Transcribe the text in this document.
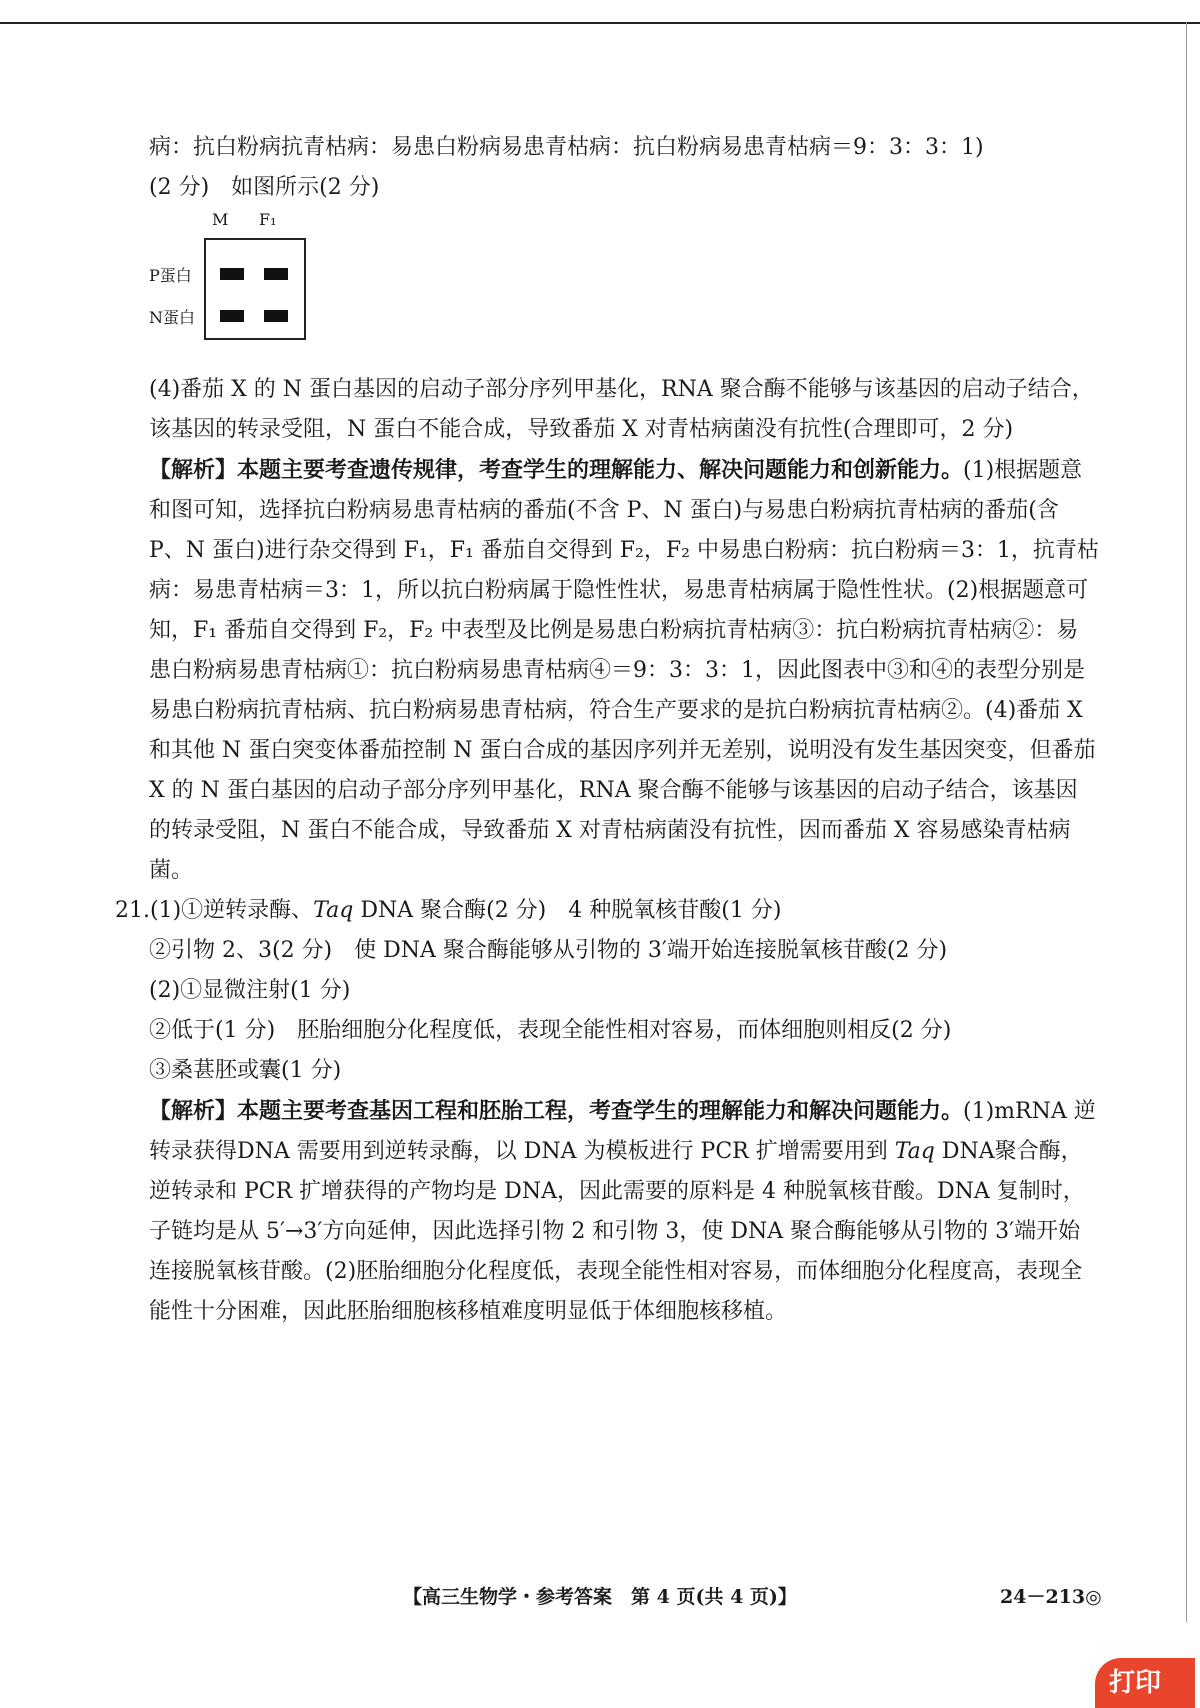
病：抗白粉病抗青枯病：易患白粉病易患青枯病：抗白粉病易患青枯病＝9：3：3：1)

(2 分)　如图所示(2 分)

M F₁
P蛋白
N蛋白

(4)番茄 X 的 N 蛋白基因的启动子部分序列甲基化，RNA 聚合酶不能够与该基因的启动子结合，该基因的转录受阻，N 蛋白不能合成，导致番茄 X 对青枯病菌没有抗性(合理即可，2 分)

【解析】本题主要考查遗传规律，考查学生的理解能力、解决问题能力和创新能力。(1)根据题意和图可知，选择抗白粉病易患青枯病的番茄(不含 P、N 蛋白)与易患白粉病抗青枯病的番茄(含 P、N 蛋白)进行杂交得到 F₁，F₁ 番茄自交得到 F₂，F₂ 中易患白粉病：抗白粉病＝3：1，抗青枯病：易患青枯病＝3：1，所以抗白粉病属于隐性性状，易患青枯病属于隐性性状。(2)根据题意可知，F₁ 番茄自交得到 F₂，F₂ 中表型及比例是易患白粉病抗青枯病③：抗白粉病抗青枯病②：易患白粉病易患青枯病①：抗白粉病易患青枯病④＝9：3：3：1，因此图表中③和④的表型分别是易患白粉病抗青枯病、抗白粉病易患青枯病，符合生产要求的是抗白粉病抗青枯病②。(4)番茄 X 和其他 N 蛋白突变体番茄控制 N 蛋白合成的基因序列并无差别，说明没有发生基因突变，但番茄 X 的 N 蛋白基因的启动子部分序列甲基化，RNA 聚合酶不能够与该基因的启动子结合，该基因的转录受阻，N 蛋白不能合成，导致番茄 X 对青枯病菌没有抗性，因而番茄 X 容易感染青枯病菌。

21.(1)①逆转录酶、Taq DNA 聚合酶(2 分)　4 种脱氧核苷酸(1 分)

②引物 2、3(2 分)　使 DNA 聚合酶能够从引物的 3′端开始连接脱氧核苷酸(2 分)

(2)①显微注射(1 分)

②低于(1 分)　胚胎细胞分化程度低，表现全能性相对容易，而体细胞则相反(2 分)

③桑葚胚或囊(1 分)

【解析】本题主要考查基因工程和胚胎工程，考查学生的理解能力和解决问题能力。(1)mRNA 逆转录获得DNA 需要用到逆转录酶，以 DNA 为模板进行 PCR 扩增需要用到 Taq DNA聚合酶，逆转录和 PCR 扩增获得的产物均是 DNA，因此需要的原料是 4 种脱氧核苷酸。DNA 复制时，子链均是从 5′→3′方向延伸，因此选择引物 2 和引物 3，使 DNA 聚合酶能够从引物的 3′端开始连接脱氧核苷酸。(2)胚胎细胞分化程度低，表现全能性相对容易，而体细胞分化程度高，表现全能性十分困难，因此胚胎细胞核移植难度明显低于体细胞核移植。

【高三生物学・参考答案　第 4 页(共 4 页)】	24－213◎
打印
